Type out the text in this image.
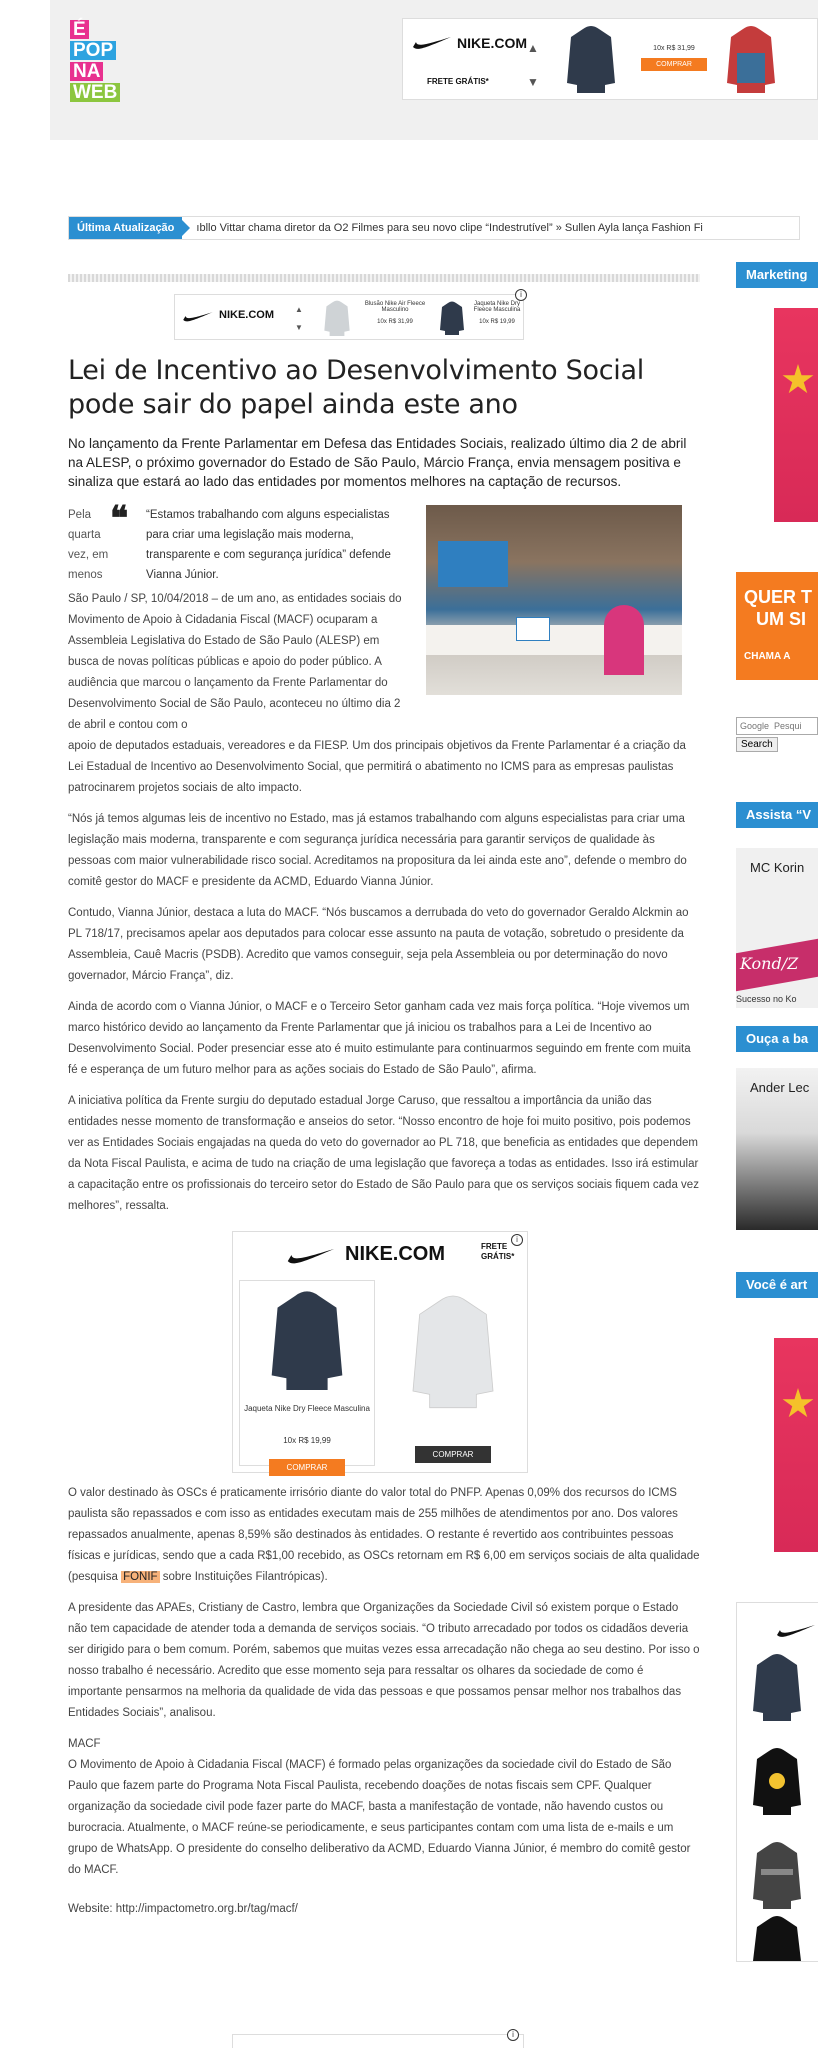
É
POP
NA
WEB
NIKE.COM
FRETE GRÁTIS*
▲
▼
10x R$ 31,99
COMPRAR
Última Atualização	ıbllo Vittar chama diretor da O2 Filmes para seu novo clipe “Indestrutível” » Sullen Ayla lança Fashion Fi
NIKE.COM	▲
▼
Blusão Nike Air Fleece Masculino
10x R$ 31,99
Jaqueta Nike Dry Fleece Masculina
10x R$ 19,99
i
Lei de Incentivo ao Desenvolvimento Social pode sair do papel ainda este ano

No lançamento da Frente Parlamentar em Defesa das Entidades Sociais, realizado último dia 2 de abril na ALESP, o próximo governador do Estado de São Paulo, Márcio França, envia mensagem positiva e sinaliza que estará ao lado das entidades por momentos melhores na captação de recursos.

Pela quarta vez, em menos
❝	“Estamos trabalhando com alguns especialistas para criar uma legislação mais moderna, transparente e com segurança jurídica” defende Vianna Júnior.

São Paulo / SP, 10/04/2018 – de um ano, as entidades sociais do Movimento de Apoio à Cidadania Fiscal (MACF) ocuparam a Assembleia Legislativa do Estado de São Paulo (ALESP) em busca de novas políticas públicas e apoio do poder público. A audiência que marcou o lançamento da Frente Parlamentar do Desenvolvimento Social de São Paulo, aconteceu no último dia 2 de abril e contou com o

apoio de deputados estaduais, vereadores e da FIESP. Um dos principais objetivos da Frente Parlamentar é a criação da Lei Estadual de Incentivo ao Desenvolvimento Social, que permitirá o abatimento no ICMS para as empresas paulistas patrocinarem projetos sociais de alto impacto.

“Nós já temos algumas leis de incentivo no Estado, mas já estamos trabalhando com alguns especialistas para criar uma legislação mais moderna, transparente e com segurança jurídica necessária para garantir serviços de qualidade às pessoas com maior vulnerabilidade risco social. Acreditamos na propositura da lei ainda este ano”, defende o membro do comitê gestor do MACF e presidente da ACMD, Eduardo Vianna Júnior.

Contudo, Vianna Júnior, destaca a luta do MACF. “Nós buscamos a derrubada do veto do governador Geraldo Alckmin ao PL 718/17, precisamos apelar aos deputados para colocar esse assunto na pauta de votação, sobretudo o presidente da Assembleia, Cauê Macris (PSDB). Acredito que vamos conseguir, seja pela Assembleia ou por determinação do novo governador, Márcio França”, diz.

Ainda de acordo com o Vianna Júnior, o MACF e o Terceiro Setor ganham cada vez mais força política. “Hoje vivemos um marco histórico devido ao lançamento da Frente Parlamentar que já iniciou os trabalhos para a Lei de Incentivo ao Desenvolvimento Social. Poder presenciar esse ato é muito estimulante para continuarmos seguindo em frente com muita fé e esperança de um futuro melhor para as ações sociais do Estado de São Paulo”, afirma.

A iniciativa política da Frente surgiu do deputado estadual Jorge Caruso, que ressaltou a importância da união das entidades nesse momento de transformação e anseios do setor. “Nosso encontro de hoje foi muito positivo, pois podemos ver as Entidades Sociais engajadas na queda do veto do governador ao PL 718, que beneficia as entidades que dependem da Nota Fiscal Paulista, e acima de tudo na criação de uma legislação que favoreça a todas as entidades. Isso irá estimular a capacitação entre os profissionais do terceiro setor do Estado de São Paulo para que os serviços sociais fiquem cada vez melhores”, ressalta.

NIKE.COM	FRETE GRÁTIS*
i
Jaqueta Nike Dry Fleece Masculina
10x R$ 19,99
COMPRAR
COMPRAR

O valor destinado às OSCs é praticamente irrisório diante do valor total do PNFP. Apenas 0,09% dos recursos do ICMS paulista são repassados e com isso as entidades executam mais de 255 milhões de atendimentos por ano. Dos valores repassados anualmente, apenas 8,59% são destinados às entidades. O restante é revertido aos contribuintes pessoas físicas e jurídicas, sendo que a cada R$1,00 recebido, as OSCs retornam em R$ 6,00 em serviços sociais de alta qualidade (pesquisa FONIF sobre Instituições Filantrópicas).

A presidente das APAEs, Cristiany de Castro, lembra que Organizações da Sociedade Civil só existem porque o Estado não tem capacidade de atender toda a demanda de serviços sociais. “O tributo arrecadado por todos os cidadãos deveria ser dirigido para o bem comum. Porém, sabemos que muitas vezes essa arrecadação não chega ao seu destino. Por isso o nosso trabalho é necessário. Acredito que esse momento seja para ressaltar os olhares da sociedade de como é importante pensarmos na melhoria da qualidade de vida das pessoas e que possamos pensar melhor nos trabalhos das Entidades Sociais”, analisou.

MACF

O Movimento de Apoio à Cidadania Fiscal (MACF) é formado pelas organizações da sociedade civil do Estado de São Paulo que fazem parte do Programa Nota Fiscal Paulista, recebendo doações de notas fiscais sem CPF. Qualquer organização da sociedade civil pode fazer parte do MACF, basta a manifestação de vontade, não havendo custos ou burocracia. Atualmente, o MACF reúne-se periodicamente, e seus participantes contam com uma lista de e-mails e um grupo de WhatsApp. O presidente do conselho deliberativo da ACMD, Eduardo Vianna Júnior, é membro do comitê gestor do MACF.

Website: http://impactometro.org.br/tag/macf/

i
Marketing
QUER T
UM SI
CHAMA A
Google Pesqui
Search
Assista “V
MC Korin
Kond/Z
Sucesso no Ko
Ouça a ba
Ander Lec
Você é art
